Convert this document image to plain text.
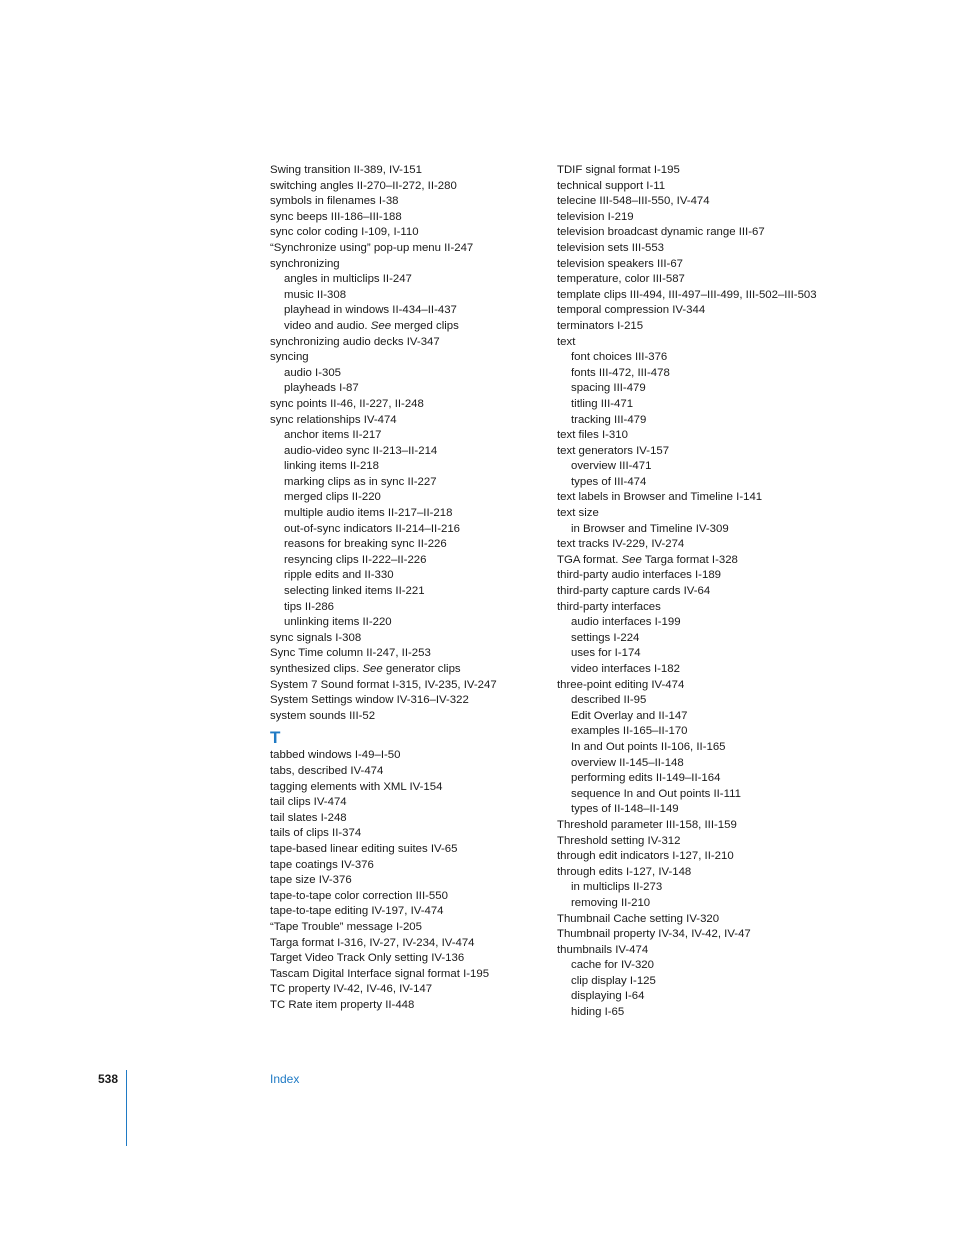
Swing transition II-389, IV-151
switching angles II-270–II-272, II-280
symbols in filenames I-38
sync beeps III-186–III-188
sync color coding I-109, I-110
“Synchronize using” pop-up menu II-247
synchronizing
angles in multiclips II-247
music II-308
playhead in windows II-434–II-437
video and audio. See merged clips
synchronizing audio decks IV-347
syncing
audio I-305
playheads I-87
sync points II-46, II-227, II-248
sync relationships IV-474
anchor items II-217
audio-video sync II-213–II-214
linking items II-218
marking clips as in sync II-227
merged clips II-220
multiple audio items II-217–II-218
out-of-sync indicators II-214–II-216
reasons for breaking sync II-226
resyncing clips II-222–II-226
ripple edits and II-330
selecting linked items II-221
tips II-286
unlinking items II-220
sync signals I-308
Sync Time column II-247, II-253
synthesized clips. See generator clips
System 7 Sound format I-315, IV-235, IV-247
System Settings window IV-316–IV-322
system sounds III-52
T
tabbed windows I-49–I-50
tabs, described IV-474
tagging elements with XML IV-154
tail clips IV-474
tail slates I-248
tails of clips II-374
tape-based linear editing suites IV-65
tape coatings IV-376
tape size IV-376
tape-to-tape color correction III-550
tape-to-tape editing IV-197, IV-474
“Tape Trouble” message I-205
Targa format I-316, IV-27, IV-234, IV-474
Target Video Track Only setting IV-136
Tascam Digital Interface signal format I-195
TC property IV-42, IV-46, IV-147
TC Rate item property II-448
TDIF signal format I-195
technical support I-11
telecine III-548–III-550, IV-474
television I-219
television broadcast dynamic range III-67
television sets III-553
television speakers III-67
temperature, color III-587
template clips III-494, III-497–III-499, III-502–III-503
temporal compression IV-344
terminators I-215
text
font choices III-376
fonts III-472, III-478
spacing III-479
titling III-471
tracking III-479
text files I-310
text generators IV-157
overview III-471
types of III-474
text labels in Browser and Timeline I-141
text size
in Browser and Timeline IV-309
text tracks IV-229, IV-274
TGA format. See Targa format I-328
third-party audio interfaces I-189
third-party capture cards IV-64
third-party interfaces
audio interfaces I-199
settings I-224
uses for I-174
video interfaces I-182
three-point editing IV-474
described II-95
Edit Overlay and II-147
examples II-165–II-170
In and Out points II-106, II-165
overview II-145–II-148
performing edits II-149–II-164
sequence In and Out points II-111
types of II-148–II-149
Threshold parameter III-158, III-159
Threshold setting IV-312
through edit indicators I-127, II-210
through edits I-127, IV-148
in multiclips II-273
removing II-210
Thumbnail Cache setting IV-320
Thumbnail property IV-34, IV-42, IV-47
thumbnails IV-474
cache for IV-320
clip display I-125
displaying I-64
hiding I-65
538	Index
